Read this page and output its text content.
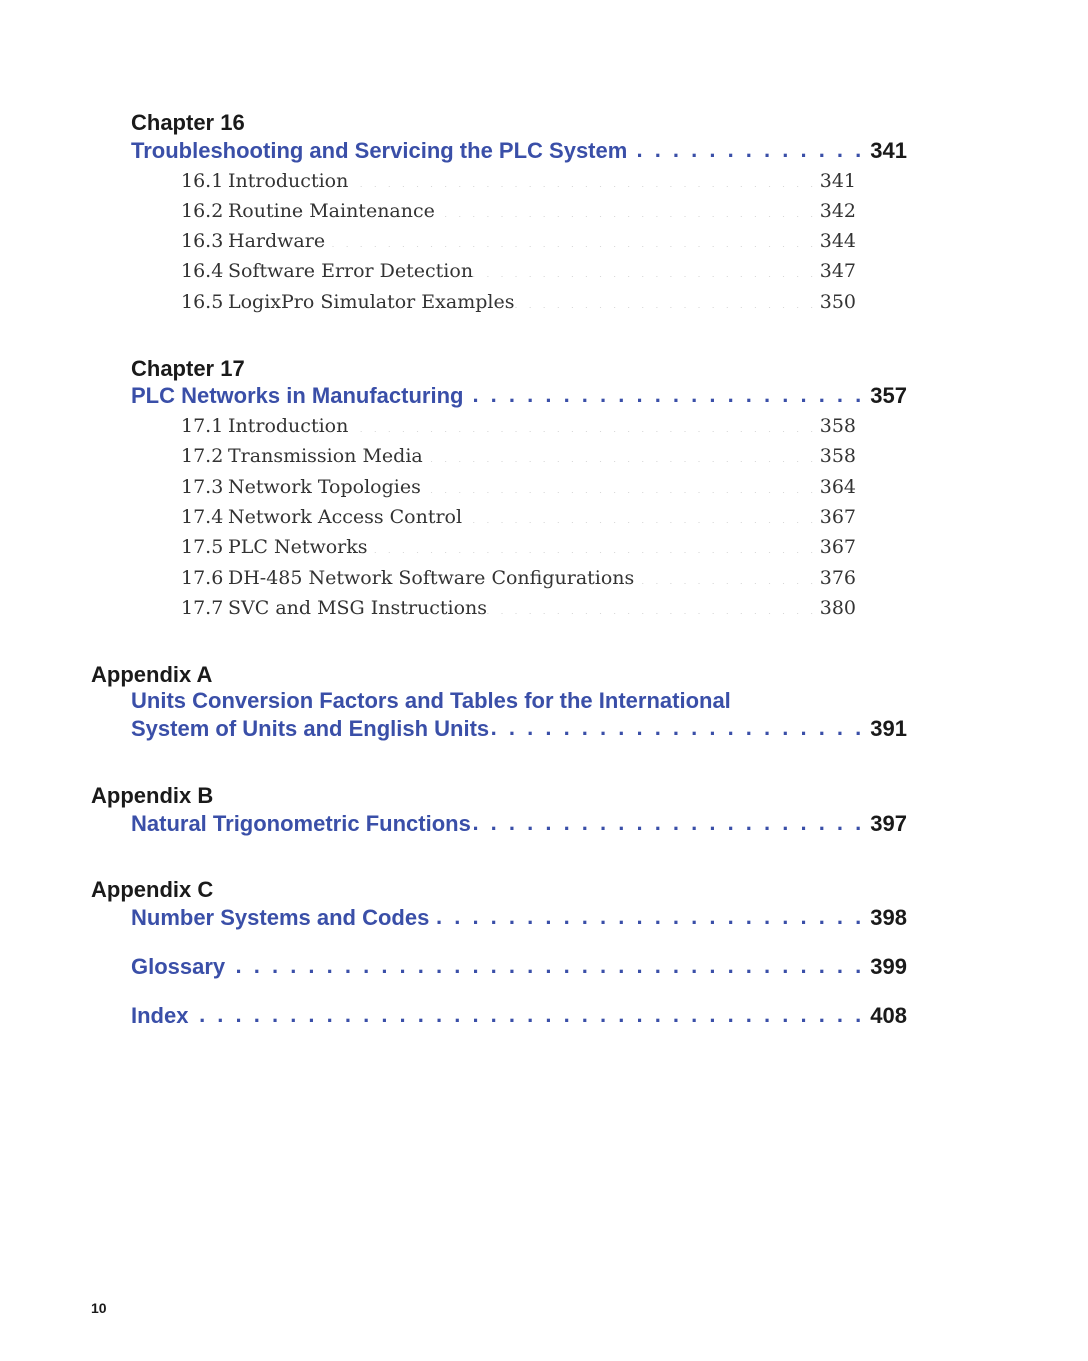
Chapter 16
Troubleshooting and Servicing the PLC System . . .	341
16.1 Introduction . . .	341
16.2 Routine Maintenance . . .	342
16.3 Hardware . . .	344
16.4 Software Error Detection . . .	347
16.5 LogixPro Simulator Examples . . .	350
Chapter 17
PLC Networks in Manufacturing . . .	357
17.1 Introduction . . .	358
17.2 Transmission Media . . .	358
17.3 Network Topologies . . .	364
17.4 Network Access Control . . .	367
17.5 PLC Networks . . .	367
17.6 DH-485 Network Software Configurations . . .	376
17.7 SVC and MSG Instructions . . .	380
Appendix A
Units Conversion Factors and Tables for the International
System of Units and English Units . . .	391
Appendix B
Natural Trigonometric Functions . . .	397
Appendix C
Number Systems and Codes . . .	398
Glossary . . .	399
Index . . .	408
10
